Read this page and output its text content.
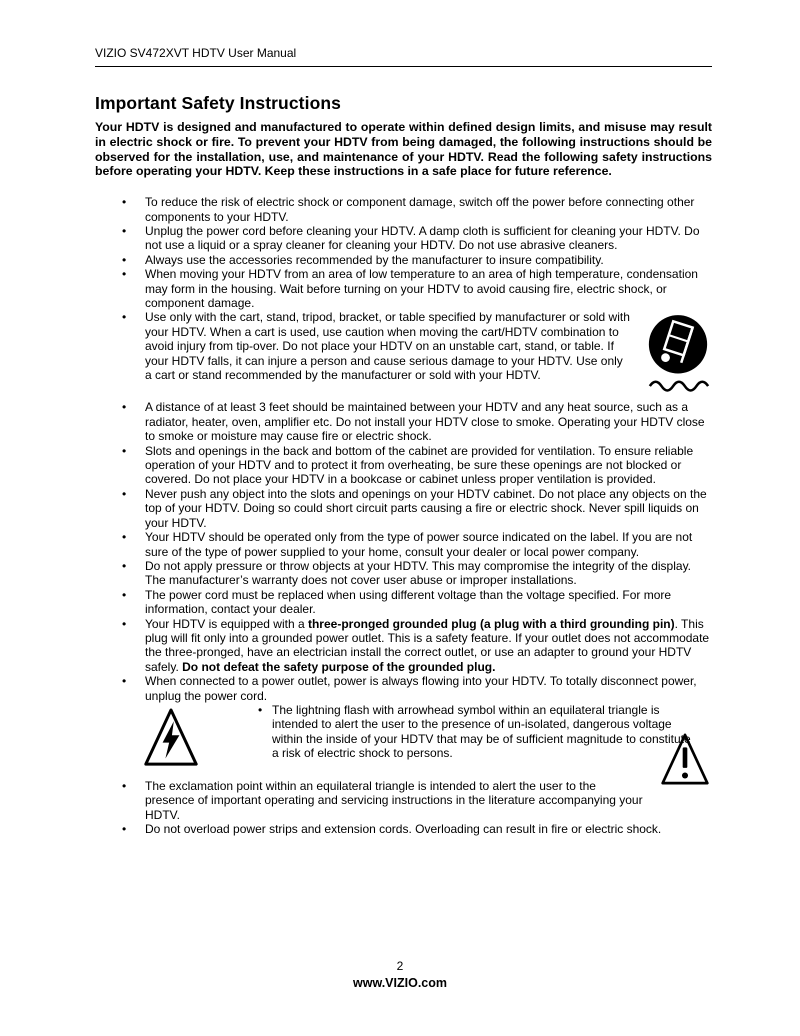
VIZIO SV472XVT HDTV User Manual
Important Safety Instructions

Your HDTV is designed and manufactured to operate within defined design limits, and misuse may result in electric shock or fire. To prevent your HDTV from being damaged, the following instructions should be observed for the installation, use, and maintenance of your HDTV. Read the following safety instructions before operating your HDTV. Keep these instructions in a safe place for future reference.

•	To reduce the risk of electric shock or component damage, switch off the power before connecting other components to your HDTV.
•	Unplug the power cord before cleaning your HDTV. A damp cloth is sufficient for cleaning your HDTV. Do not use a liquid or a spray cleaner for cleaning your HDTV. Do not use abrasive cleaners.
•	Always use the accessories recommended by the manufacturer to insure compatibility.
•	When moving your HDTV from an area of low temperature to an area of high temperature, condensation may form in the housing. Wait before turning on your HDTV to avoid causing fire, electric shock, or component damage.
•	Use only with the cart, stand, tripod, bracket, or table specified by manufacturer or sold with your HDTV. When a cart is used, use caution when moving the cart/HDTV combination to avoid injury from tip-over. Do not place your HDTV on an unstable cart, stand, or table. If your HDTV falls, it can injure a person and cause serious damage to your HDTV. Use only a cart or stand recommended by the manufacturer or sold with your HDTV.
•	A distance of at least 3 feet should be maintained between your HDTV and any heat source, such as a radiator, heater, oven, amplifier etc. Do not install your HDTV close to smoke. Operating your HDTV close to smoke or moisture may cause fire or electric shock.
•	Slots and openings in the back and bottom of the cabinet are provided for ventilation. To ensure reliable operation of your HDTV and to protect it from overheating, be sure these openings are not blocked or covered. Do not place your HDTV in a bookcase or cabinet unless proper ventilation is provided.
•	Never push any object into the slots and openings on your HDTV cabinet. Do not place any objects on the top of your HDTV. Doing so could short circuit parts causing a fire or electric shock. Never spill liquids on your HDTV.
•	Your HDTV should be operated only from the type of power source indicated on the label. If you are not sure of the type of power supplied to your home, consult your dealer or local power company.
•	Do not apply pressure or throw objects at your HDTV. This may compromise the integrity of the display. The manufacturer’s warranty does not cover user abuse or improper installations.
•	The power cord must be replaced when using different voltage than the voltage specified. For more information, contact your dealer.
•	Your HDTV is equipped with a three-pronged grounded plug (a plug with a third grounding pin). This plug will fit only into a grounded power outlet. This is a safety feature. If your outlet does not accommodate the three-pronged, have an electrician install the correct outlet, or use an adapter to ground your HDTV safely. Do not defeat the safety purpose of the grounded plug.
•	When connected to a power outlet, power is always flowing into your HDTV. To totally disconnect power, unplug the power cord.
• The lightning flash with arrowhead symbol within an equilateral triangle is intended to alert the user to the presence of un-isolated, dangerous voltage within the inside of your HDTV that may be of sufficient magnitude to constitute a risk of electric shock to persons.
•	The exclamation point within an equilateral triangle is intended to alert the user to the presence of important operating and servicing instructions in the literature accompanying your HDTV.
•	Do not overload power strips and extension cords. Overloading can result in fire or electric shock.
2
www.VIZIO.com
